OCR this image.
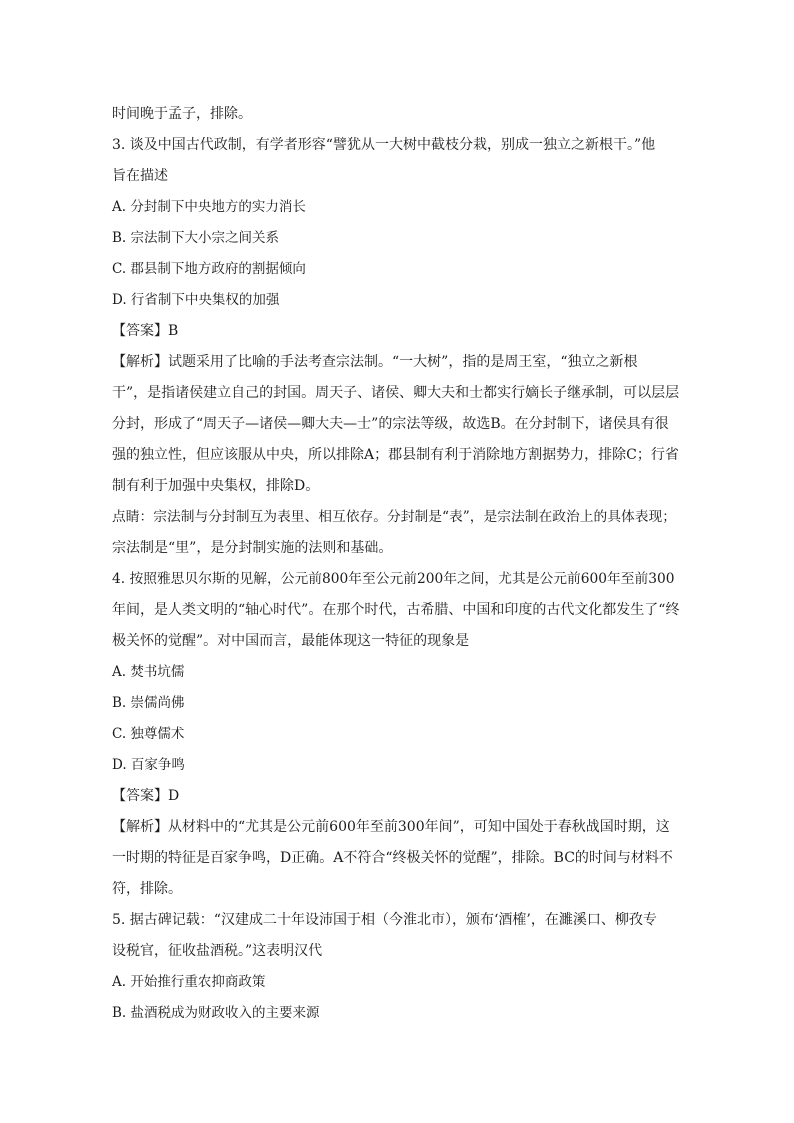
时间晚于孟子，排除。
3. 谈及中国古代政制，有学者形容“譬犹从一大树中截枝分栽，别成一独立之新根干。”他
旨在描述
A. 分封制下中央地方的实力消长
B. 宗法制下大小宗之间关系
C. 郡县制下地方政府的割据倾向
D. 行省制下中央集权的加强
【答案】B
【解析】试题采用了比喻的手法考查宗法制。“一大树”，指的是周王室，“独立之新根
干”，是指诸侯建立自己的封国。周天子、诸侯、卿大夫和士都实行嫡长子继承制，可以层层
分封，形成了“周天子—诸侯—卿大夫—士”的宗法等级，故选B。在分封制下，诸侯具有很
强的独立性，但应该服从中央，所以排除A；郡县制有利于消除地方割据势力，排除C；行省
制有利于加强中央集权，排除D。
点睛：宗法制与分封制互为表里、相互依存。分封制是“表”，是宗法制在政治上的具体表现；
宗法制是“里”，是分封制实施的法则和基础。
4. 按照雅思贝尔斯的见解，公元前800年至公元前200年之间，尤其是公元前600年至前300
年间，是人类文明的“轴心时代”。在那个时代，古希腊、中国和印度的古代文化都发生了“终
极关怀的觉醒”。对中国而言，最能体现这一特征的现象是
A. 焚书坑儒
B. 崇儒尚佛
C. 独尊儒术
D. 百家争鸣
【答案】D
【解析】从材料中的“尤其是公元前600年至前300年间”，可知中国处于春秋战国时期，这
一时期的特征是百家争鸣，D正确。A不符合“终极关怀的觉醒”，排除。BC的时间与材料不
符，排除。
5. 据古碑记载：“汉建成二十年设沛国于相（今淮北市），颁布‘酒榷’，在濉溪口、柳孜专
设税官，征收盐酒税。”这表明汉代
A. 开始推行重农抑商政策
B. 盐酒税成为财政收入的主要来源
